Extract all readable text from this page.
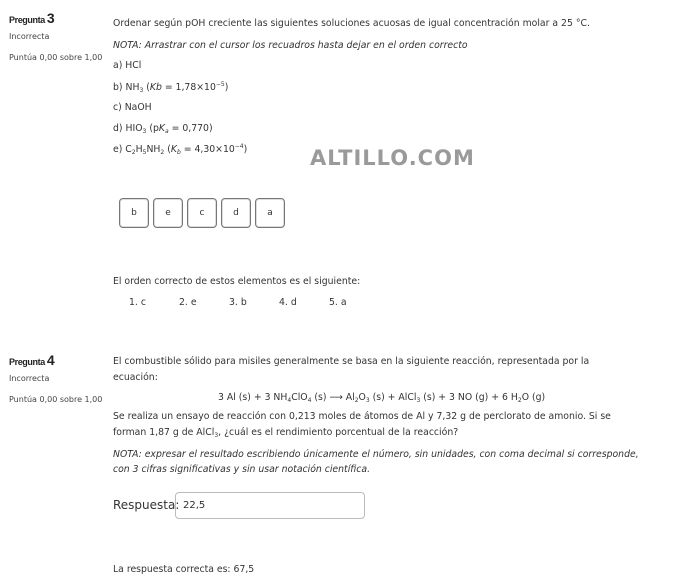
Pregunta 3
Incorrecta
Puntúa 0,00 sobre 1,00
Ordenar según pOH creciente las siguientes soluciones acuosas de igual concentración molar a 25 °C.
NOTA: Arrastrar con el cursor los recuadros hasta dejar en el orden correcto
a) HCl
b) $NH_3$ $(Kb = 1,78\times 10^{-5})$
c) NaOH
d) $HIO_3$ $(pK_a = 0,770)$
e) $C_2H_5NH_2$ $(K_b = 4,30\times 10^{-4})$	ALTILLO.COM
b	e	c	d	a
El orden correcto de estos elementos es el siguiente:
1. c	2. e	3. b	4. d	5. a
Pregunta 4
Incorrecta
Puntúa 0,00 sobre 1,00
El combustible sólido para misiles generalmente se basa en la siguiente reacción, representada por la
ecuación:
3 Al (s) + 3 $NH_4ClO_4$ (s) ⟶ $Al_2O_3$ (s) + AlCl$_3$ (s) + 3 NO (g) + 6 $H_2O$ (g)
Se realiza un ensayo de reacción con 0,213 moles de átomos de Al y 7,32 g de perclorato de amonio. Si se
forman 1,87 g de AlCl$_3$, ¿cuál es el rendimiento porcentual de la reacción?
NOTA: expresar el resultado escribiendo únicamente el número, sin unidades, con coma decimal si corresponde,
con 3 cifras significativas y sin usar notación científica.
Respuesta: 22,5
La respuesta correcta es: 67,5
